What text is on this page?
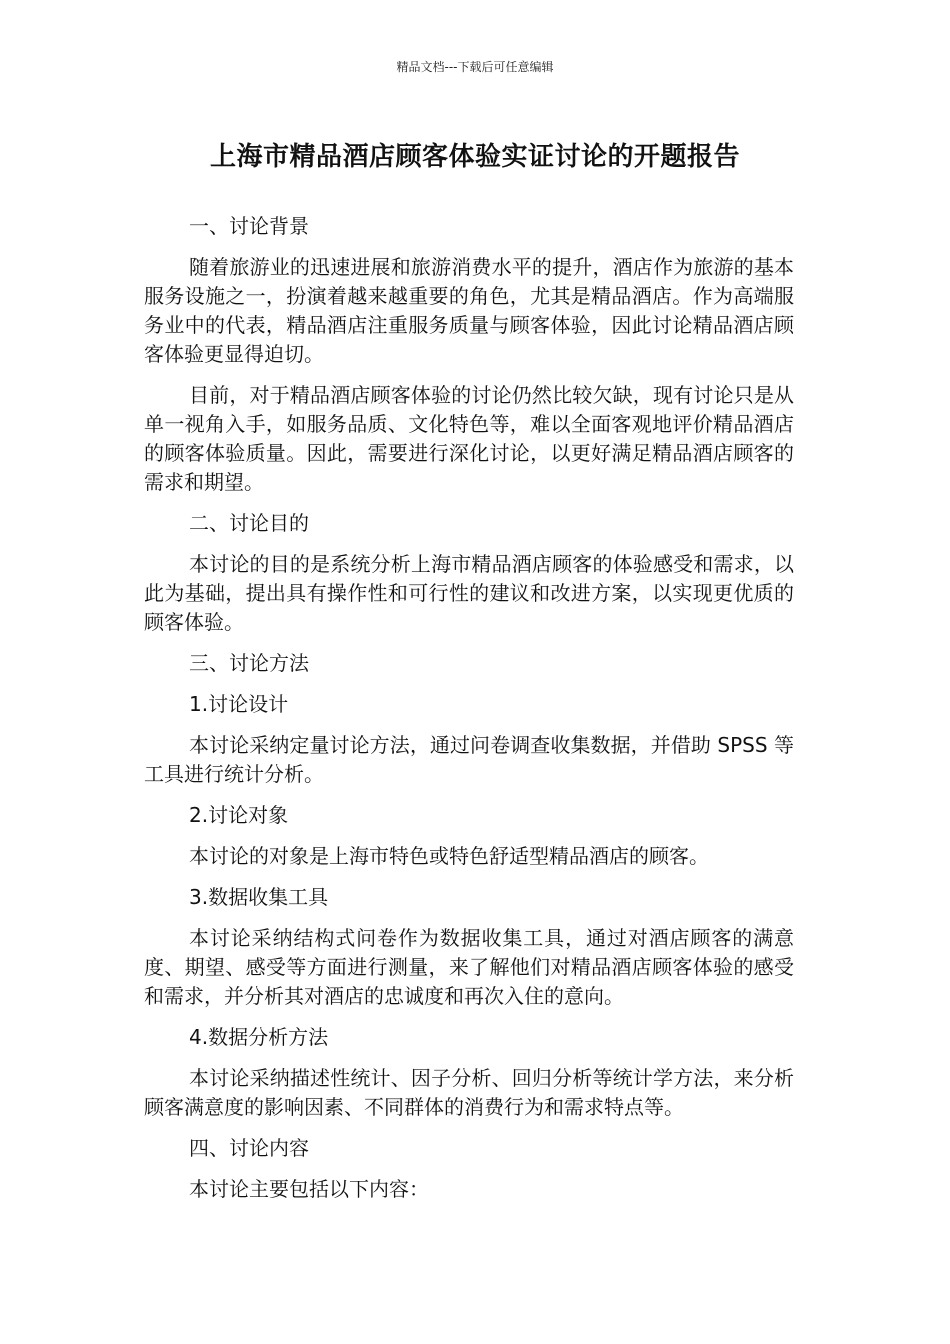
精品文档---下载后可任意编辑
上海市精品酒店顾客体验实证讨论的开题报告

一、讨论背景

随着旅游业的迅速进展和旅游消费水平的提升，酒店作为旅游的基本服务设施之一，扮演着越来越重要的角色，尤其是精品酒店。作为高端服务业中的代表，精品酒店注重服务质量与顾客体验，因此讨论精品酒店顾客体验更显得迫切。

目前，对于精品酒店顾客体验的讨论仍然比较欠缺，现有讨论只是从单一视角入手，如服务品质、文化特色等，难以全面客观地评价精品酒店的顾客体验质量。因此，需要进行深化讨论，以更好满足精品酒店顾客的需求和期望。

二、讨论目的

本讨论的目的是系统分析上海市精品酒店顾客的体验感受和需求，以此为基础，提出具有操作性和可行性的建议和改进方案，以实现更优质的顾客体验。

三、讨论方法

1.讨论设计

本讨论采纳定量讨论方法，通过问卷调查收集数据，并借助 SPSS 等工具进行统计分析。

2.讨论对象

本讨论的对象是上海市特色或特色舒适型精品酒店的顾客。

3.数据收集工具

本讨论采纳结构式问卷作为数据收集工具，通过对酒店顾客的满意度、期望、感受等方面进行测量，来了解他们对精品酒店顾客体验的感受和需求，并分析其对酒店的忠诚度和再次入住的意向。

4.数据分析方法

本讨论采纳描述性统计、因子分析、回归分析等统计学方法，来分析顾客满意度的影响因素、不同群体的消费行为和需求特点等。

四、讨论内容

本讨论主要包括以下内容：
